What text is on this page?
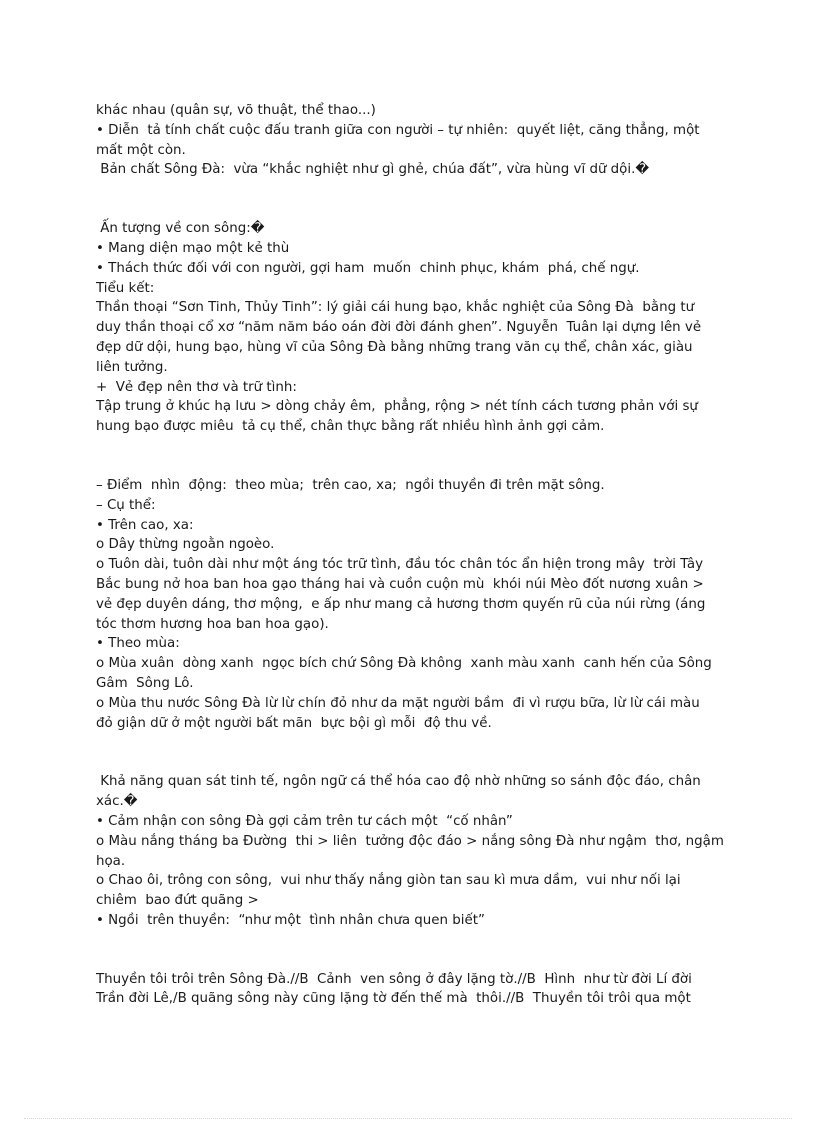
khác nhau (quân sự, võ thuật, thể thao...)
• Diễn  tả tính chất cuộc đấu tranh giữa con người – tự nhiên:  quyết liệt, căng thẳng, một
mất một còn.
Bản chất Sông Đà:  vừa “khắc nghiệt như gì ghẻ, chúa đất”, vừa hùng vĩ dữ dội.�
Ấn tượng về con sông:�
• Mang diện mạo một kẻ thù
• Thách thức đối với con người, gợi ham  muốn  chinh phục, khám  phá, chế ngự.
Tiểu kết:
Thần thoại “Sơn Tinh, Thủy Tinh”: lý giải cái hung bạo, khắc nghiệt của Sông Đà  bằng tư
duy thần thoại cổ xơ “năm năm báo oán đời đời đánh ghen”. Nguyễn  Tuân lại dựng lên vẻ
đẹp dữ dội, hung bạo, hùng vĩ của Sông Đà bằng những trang văn cụ thể, chân xác, giàu
liên tưởng.
+  Vẻ đẹp nên thơ và trữ tình:
Tập trung ở khúc hạ lưu > dòng chảy êm,  phẳng, rộng > nét tính cách tương phản với sự
hung bạo được miêu  tả cụ thể, chân thực bằng rất nhiều hình ảnh gợi cảm.
– Điểm  nhìn  động:  theo mùa;  trên cao, xa;  ngồi thuyền đi trên mặt sông.
– Cụ thể:
• Trên cao, xa:
o Dây thừng ngoằn ngoèo.
o Tuôn dài, tuôn dài như một áng tóc trữ tình, đầu tóc chân tóc ẩn hiện trong mây  trời Tây
Bắc bung nở hoa ban hoa gạo tháng hai và cuồn cuộn mù  khói núi Mèo đốt nương xuân >
vẻ đẹp duyên dáng, thơ mộng,  e ấp như mang cả hương thơm quyến rũ của núi rừng (áng
tóc thơm hương hoa ban hoa gạo).
• Theo mùa:
o Mùa xuân  dòng xanh  ngọc bích chứ Sông Đà không  xanh màu xanh  canh hến của Sông
Gâm  Sông Lô.
o Mùa thu nước Sông Đà lừ lừ chín đỏ như da mặt người bầm  đi vì rượu bữa, lừ lừ cái màu
đỏ giận dữ ở một người bất mãn  bực bội gì mỗi  độ thu về.
Khả năng quan sát tinh tế, ngôn ngữ cá thể hóa cao độ nhờ những so sánh độc đáo, chân
xác.�
• Cảm nhận con sông Đà gợi cảm trên tư cách một  “cố nhân”
o Màu nắng tháng ba Đường  thi > liên  tưởng độc đáo > nắng sông Đà như ngậm  thơ, ngậm
họa.
o Chao ôi, trông con sông,  vui như thấy nắng giòn tan sau kì mưa dầm,  vui như nối lại
chiêm  bao đứt quãng >
• Ngồi  trên thuyền:  “như một  tình nhân chưa quen biết”
Thuyền tôi trôi trên Sông Đà.//B  Cảnh  ven sông ở đây lặng tờ.//B  Hình  như từ đời Lí đời
Trần đời Lê,/B quãng sông này cũng lặng tờ đến thế mà  thôi.//B  Thuyền tôi trôi qua một
